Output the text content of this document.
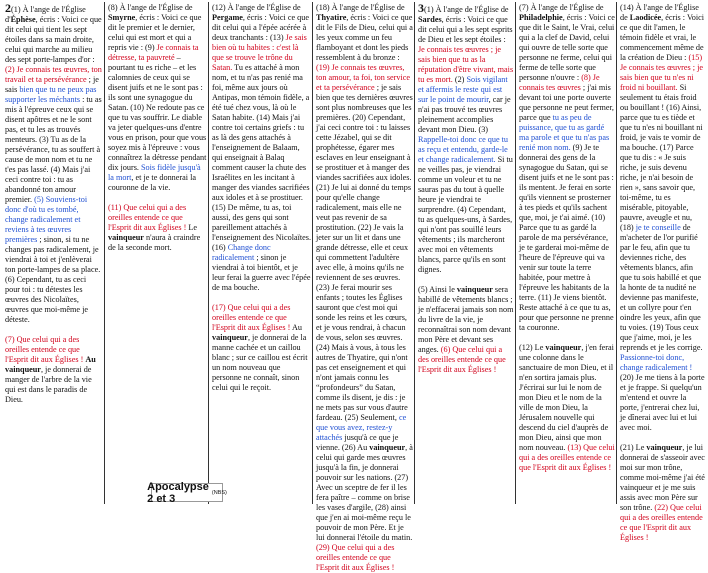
2(1) À l'ange de l'Église d'Éphèse, écris : Voici ce que dit celui qui tient les sept étoiles dans sa main droite, celui qui marche au milieu des sept porte-lampes d'or : (2) Je connais tes œuvres, ton travail et ta persévérance ; je sais bien que tu ne peux pas supporter les méchants : tu as mis à l'épreuve ceux qui se disent apôtres et ne le sont pas, et tu les as trouvés menteurs. (3) Tu as de la persévérance, tu as souffert à cause de mon nom et tu ne t'es pas lassé. (4) Mais j'ai ceci contre toi : tu as abandonné ton amour premier. (5) Souviens-toi donc d'où tu es tombé, change radicalement et reviens à tes œuvres premières ; sinon, si tu ne changes pas radicalement, je viendrai à toi et j'enlèverai ton porte-lampes de sa place. (6) Cependant, tu as ceci pour toi : tu détestes les œuvres des Nicolaïtes, œuvres que moi-même je déteste.

(7) Que celui qui a des oreilles entende ce que l'Esprit dit aux Églises ! Au vainqueur, je donnerai de manger de l'arbre de la vie qui est dans le paradis de Dieu.

(8) À l'ange de l'Église de Smyrne, écris : Voici ce que dit le premier et le dernier, celui qui est mort et qui a repris vie : (9) Je connais ta détresse, ta pauvreté – pourtant tu es riche – et les calomnies de ceux qui se disent juifs et ne le sont pas : ils sont une synagogue du Satan. (10) Ne redoute pas ce que tu vas souffrir. Le diable va jeter quelques-uns d'entre vous en prison, pour que vous soyez mis à l'épreuve : vous connaîtrez la détresse pendant dix jours. Sois fidèle jusqu'à la mort, et je te donnerai la couronne de la vie.

(11) Que celui qui a des oreilles entende ce que l'Esprit dit aux Églises ! Le vainqueur n'aura à craindre de la seconde mort.

(12) À l'ange de l'Église de Pergame, écris : Voici ce que dit celui qui a l'épée acérée à deux tranchants : (13) Je sais bien où tu habites : c'est là que se trouve le trône du Satan. Tu es attaché à mon nom, et tu n'as pas renié ma foi, même aux jours où Antipas, mon témoin fidèle, a été tué chez vous, là où le Satan habite. (14) Mais j'ai contre toi certains griefs : tu as là des gens attachés à l'enseignement de Balaam, qui enseignait à Balaq comment causer la chute des Israélites en les incitant à manger des viandes sacrifiées aux idoles et à se prostituer. (15) De même, tu as, toi aussi, des gens qui sont pareillement attachés à l'enseignement des Nicolaïtes. (16) Change donc radicalement ; sinon je viendrai à toi bientôt, et je leur ferai la guerre avec l'épée de ma bouche.

(17) Que celui qui a des oreilles entende ce que l'Esprit dit aux Églises ! Au vainqueur, je donnerai de la manne cachée et un caillou blanc ; sur ce caillou est écrit un nom nouveau que personne ne connaît, sinon celui qui le reçoit.

(18) À l'ange de l'Église de Thyatire, écris : Voici ce que dit le Fils de Dieu, celui qui a les yeux comme un feu flamboyant et dont les pieds ressemblent à du bronze : (19) Je connais tes œuvres, ton amour, ta foi, ton service et ta persévérance ; je sais bien que tes dernières œuvres sont plus nombreuses que les premières. (20) Cependant, j'ai ceci contre toi : tu laisses cette Jézabel, qui se dit prophétesse, égarer mes esclaves en leur enseignant à se prostituer et à manger des viandes sacrifiées aux idoles. (21) Je lui ai donné du temps pour qu'elle change radicalement, mais elle ne veut pas revenir de sa prostitution. (22) Je vais la jeter sur un lit et dans une grande détresse, elle et ceux qui commettent l'adultère avec elle, à moins qu'ils ne reviennent de ses œuvres. (23) Je ferai mourir ses enfants ; toutes les Églises sauront que c'est moi qui sonde les reins et les cœurs, et je vous rendrai, à chacun de vous, selon ses œuvres. (24) Mais à vous, à tous les autres de Thyatire, qui n'ont pas cet enseignement et qui n'ont jamais connu les “profondeurs” du Satan, comme ils disent, je dis : je ne mets pas sur vous d'autre fardeau. (25) Seulement, ce que vous avez, restez-y attachés jusqu'à ce que je vienne. (26) Au vainqueur, à celui qui garde mes œuvres jusqu'à la fin, je donnerai pouvoir sur les nations. (27) Avec un sceptre de fer il les fera paître – comme on brise les vases d'argile, (28) ainsi que j'en ai moi-même reçu le pouvoir de mon Père. Et je lui donnerai l'étoile du matin. (29) Que celui qui a des oreilles entende ce que l'Esprit dit aux Églises !

3(1) À l'ange de l'Église de Sardes, écris : Voici ce que dit celui qui a les sept esprits de Dieu et les sept étoiles : Je connais tes œuvres ; je sais bien que tu as la réputation d'être vivant, mais tu es mort. (2) Sois vigilant et affermis le reste qui est sur le point de mourir, car je n'ai pas trouvé tes œuvres pleinement accomplies devant mon Dieu. (3) Rappelle-toi donc ce que tu as reçu et entendu, garde-le et change radicalement. Si tu ne veilles pas, je viendrai comme un voleur et tu ne sauras pas du tout à quelle heure je viendrai te surprendre. (4) Cependant, tu as quelques-uns, à Sardes, qui n'ont pas souillé leurs vêtements ; ils marcheront avec moi en vêtements blancs, parce qu'ils en sont dignes.

(5) Ainsi le vainqueur sera habillé de vêtements blancs ; je n'effacerai jamais son nom du livre de la vie, je reconnaîtrai son nom devant mon Père et devant ses anges. (6) Que celui qui a des oreilles entende ce que l'Esprit dit aux Églises !

(7) À l'ange de l'Église de Philadelphie, écris : Voici ce que dit le Saint, le Vrai, celui qui a la clef de David, celui qui ouvre de telle sorte que personne ne ferme, celui qui ferme de telle sorte que personne n'ouvre : (8) Je connais tes œuvres ; j'ai mis devant toi une porte ouverte que personne ne peut fermer, parce que tu as peu de puissance, que tu as gardé ma parole et que tu n'as pas renié mon nom. (9) Je te donnerai des gens de la synagogue du Satan, qui se disent juifs et ne le sont pas : ils mentent. Je ferai en sorte qu'ils viennent se prosterner à tes pieds et qu'ils sachent que, moi, je t'ai aimé. (10) Parce que tu as gardé la parole de ma persévérance, je te garderai moi-même de l'heure de l'épreuve qui va venir sur toute la terre habitée, pour mettre à l'épreuve les habitants de la terre. (11) Je viens bientôt. Reste attaché à ce que tu as, pour que personne ne prenne ta couronne.

(12) Le vainqueur, j'en ferai une colonne dans le sanctuaire de mon Dieu, et il n'en sortira jamais plus. J'écrirai sur lui le nom de mon Dieu et le nom de la ville de mon Dieu, la Jérusalem nouvelle qui descend du ciel d'auprès de mon Dieu, ainsi que mon nom nouveau. (13) Que celui qui a des oreilles entende ce que l'Esprit dit aux Églises !

(14) À l'ange de l'Église de Laodicée, écris : Voici ce que dit l'amen, le témoin fidèle et vrai, le commencement même de la création de Dieu : (15) Je connais tes œuvres ; je sais bien que tu n'es ni froid ni bouillant. Si seulement tu étais froid ou bouillant ! (16) Ainsi, parce que tu es tiède et que tu n'es ni bouillant ni froid, je vais te vomir de ma bouche. (17) Parce que tu dis : « Je suis riche, je suis devenu riche, je n'ai besoin de rien », sans savoir que, toi-même, tu es misérable, pitoyable, pauvre, aveugle et nu, (18) je te conseille de m'acheter de l'or purifié par le feu, afin que tu deviennes riche, des vêtements blancs, afin que tu sois habillé et que la honte de ta nudité ne devienne pas manifeste, et un collyre pour t'en oindre les yeux, afin que tu voies. (19) Tous ceux que j'aime, moi, je les reprends et je les corrige. Passionne-toi donc, change radicalement ! (20) Je me tiens à la porte et je frappe. Si quelqu'un m'entend et ouvre la porte, j'entrerai chez lui, je dînerai avec lui et lui avec moi.

(21) Le vainqueur, je lui donnerai de s'asseoir avec moi sur mon trône, comme moi-même j'ai été vainqueur et je me suis assis avec mon Père sur son trône. (22) Que celui qui a des oreilles entende ce que l'Esprit dit aux Églises !

Apocalypse 2 et 3	(NBS)
